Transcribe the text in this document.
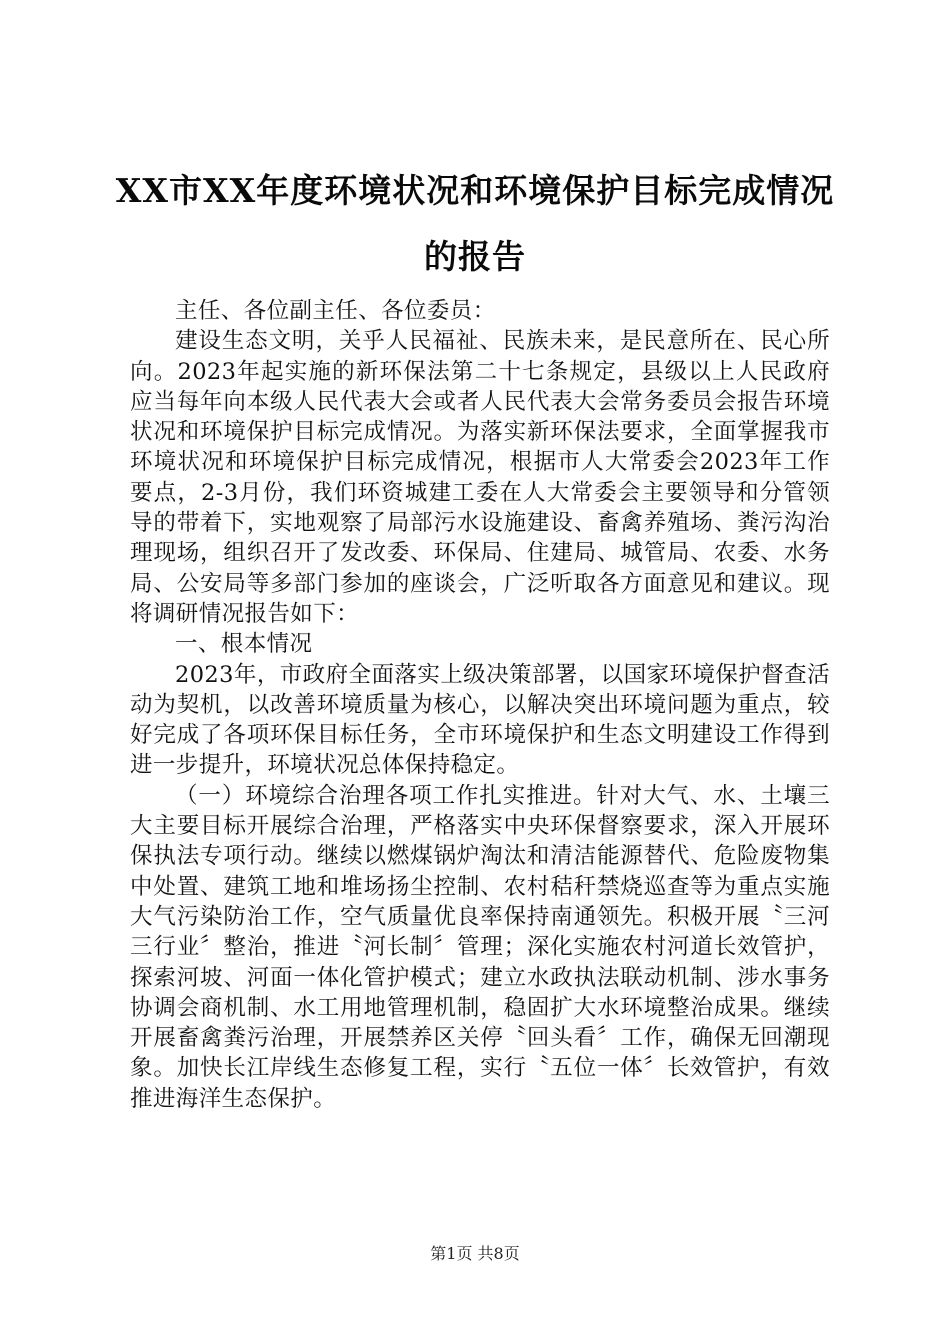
XX市XX年度环境状况和环境保护目标完成情况的报告

主任、各位副主任、各位委员：

建设生态文明，关乎人民福祉、民族未来，是民意所在、民心所向。2023年起实施的新环保法第二十七条规定，县级以上人民政府应当每年向本级人民代表大会或者人民代表大会常务委员会报告环境状况和环境保护目标完成情况。为落实新环保法要求，全面掌握我市环境状况和环境保护目标完成情况，根据市人大常委会2023年工作要点，2-3月份，我们环资城建工委在人大常委会主要领导和分管领导的带着下，实地观察了局部污水设施建设、畜禽养殖场、粪污沟治理现场，组织召开了发改委、环保局、住建局、城管局、农委、水务局、公安局等多部门参加的座谈会，广泛听取各方面意见和建议。现将调研情况报告如下：

一、根本情况

2023年，市政府全面落实上级决策部署，以国家环境保护督查活动为契机，以改善环境质量为核心，以解决突出环境问题为重点，较好完成了各项环保目标任务，全市环境保护和生态文明建设工作得到进一步提升，环境状况总体保持稳定。

（一）环境综合治理各项工作扎实推进。针对大气、水、土壤三大主要目标开展综合治理，严格落实中央环保督察要求，深入开展环保执法专项行动。继续以燃煤锅炉淘汰和清洁能源替代、危险废物集中处置、建筑工地和堆场扬尘控制、农村秸秆禁烧巡查等为重点实施大气污染防治工作，空气质量优良率保持南通领先。积极开展〝三河三行业〞整治，推进〝河长制〞管理；深化实施农村河道长效管护，探索河坡、河面一体化管护模式；建立水政执法联动机制、涉水事务协调会商机制、水工用地管理机制，稳固扩大水环境整治成果。继续开展畜禽粪污治理，开展禁养区关停〝回头看〞工作，确保无回潮现象。加快长江岸线生态修复工程，实行〝五位一体〞长效管护，有效推进海洋生态保护。

第1页 共8页
